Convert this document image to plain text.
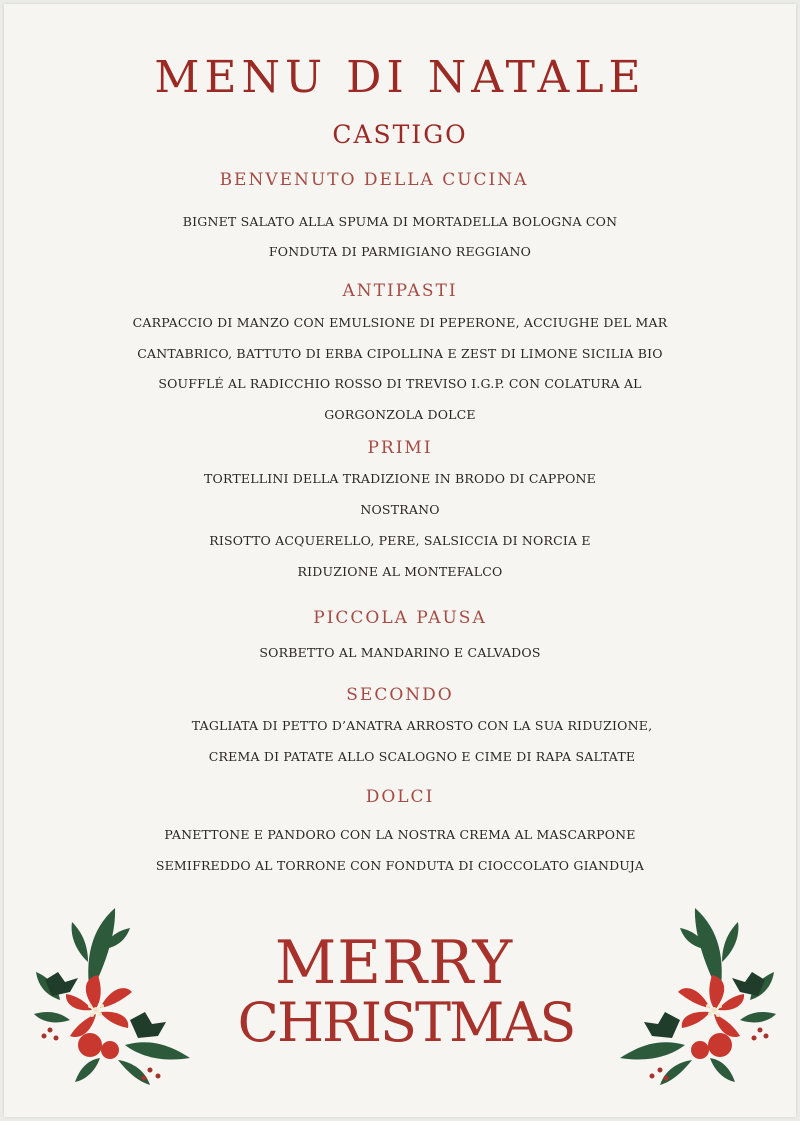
MENU DI NATALE
CASTIGO
BENVENUTO DELLA CUCINA
BIGNET SALATO ALLA SPUMA DI MORTADELLA BOLOGNA CON
FONDUTA DI PARMIGIANO REGGIANO
ANTIPASTI
CARPACCIO DI MANZO CON EMULSIONE DI PEPERONE, ACCIUGHE DEL MAR
CANTABRICO, BATTUTO DI ERBA CIPOLLINA E ZEST DI LIMONE SICILIA BIO
SOUFFLÉ AL RADICCHIO ROSSO DI TREVISO I.G.P. CON COLATURA AL
GORGONZOLA DOLCE
PRIMI
TORTELLINI DELLA TRADIZIONE IN BRODO DI CAPPONE
NOSTRANO
RISOTTO ACQUERELLO, PERE, SALSICCIA DI NORCIA E
RIDUZIONE AL MONTEFALCO
PICCOLA PAUSA
SORBETTO AL MANDARINO E CALVADOS
SECONDO
TAGLIATA DI PETTO D’ANATRA ARROSTO CON LA SUA RIDUZIONE,
CREMA DI PATATE ALLO SCALOGNO E CIME DI RAPA SALTATE
DOLCI
PANETTONE E PANDORO CON LA NOSTRA CREMA AL MASCARPONE
SEMIFREDDO AL TORRONE CON FONDUTA DI CIOCCOLATO GIANDUJA
MERRY
CHRISTMAS
